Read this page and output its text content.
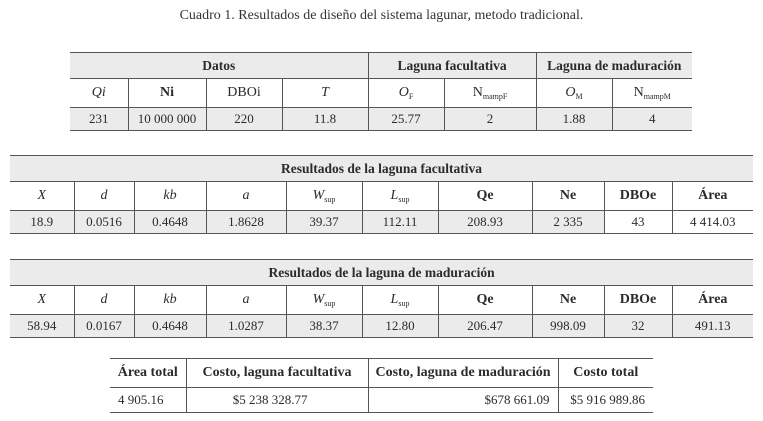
Cuadro 1. Resultados de diseño del sistema lagunar, metodo tradicional.
Datos				Laguna facultativa		Laguna de maduración	
Qi	Ni	DBOi	T	$O_F$	$N_{mampF}$	$O_M$	$N_{mampM}$
231	10 000 000	220	11.8	25.77	2	1.88	4
Resultados de la laguna facultativa									
X	d	kb	a	$W_{sup}$	$L_{sup}$	Qe	Ne	DBOe	Área
18.9	0.0516	0.4648	1.8628	39.37	112.11	208.93	2 335	43	4 414.03
Resultados de la laguna de maduración									
X	d	kb	a	$W_{sup}$	$L_{sup}$	Qe	Ne	DBOe	Área
58.94	0.0167	0.4648	1.0287	38.37	12.80	206.47	998.09	32	491.13
Área total	Costo, laguna facultativa	Costo, laguna de maduración	Costo total
4 905.16	$5 238 328.77	$678 661.09	$5 916 989.86
